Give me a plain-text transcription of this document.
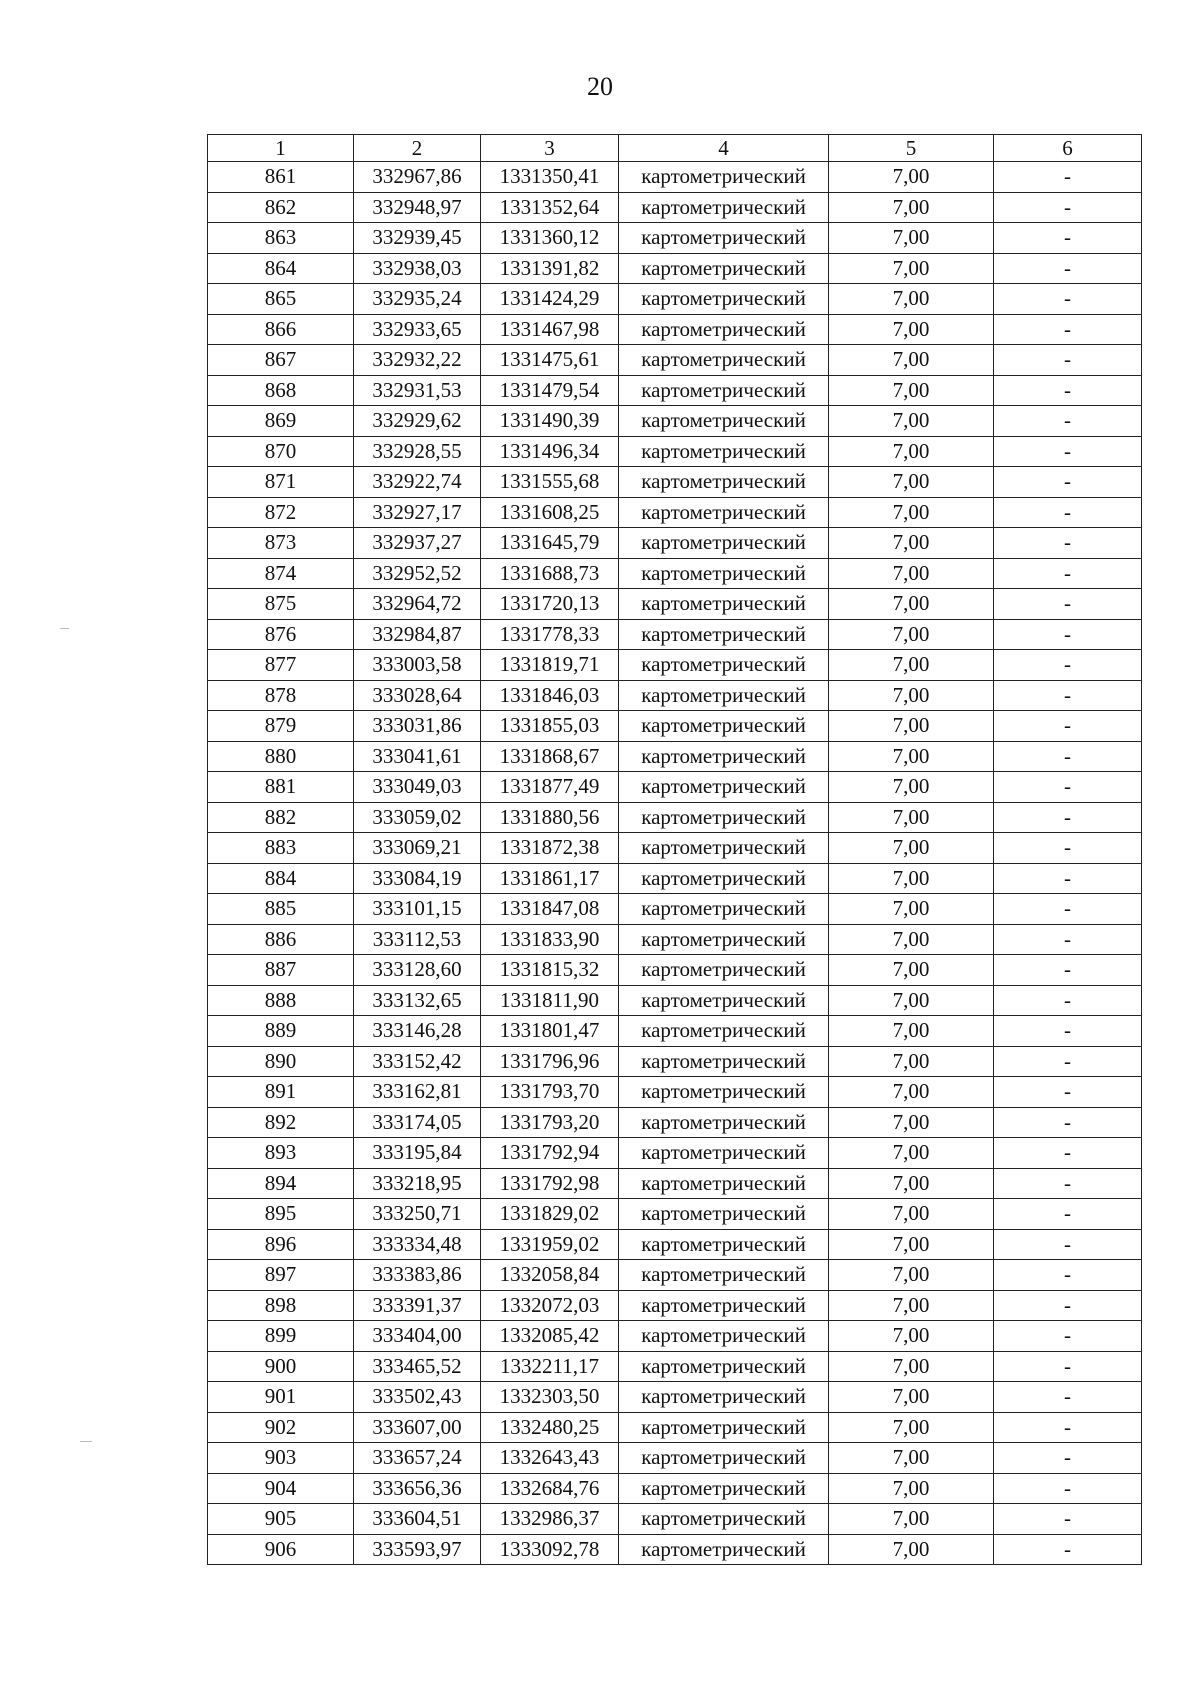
20
1	2	3	4	5	6
861	332967,86	1331350,41	картометрический	7,00	-
862	332948,97	1331352,64	картометрический	7,00	-
863	332939,45	1331360,12	картометрический	7,00	-
864	332938,03	1331391,82	картометрический	7,00	-
865	332935,24	1331424,29	картометрический	7,00	-
866	332933,65	1331467,98	картометрический	7,00	-
867	332932,22	1331475,61	картометрический	7,00	-
868	332931,53	1331479,54	картометрический	7,00	-
869	332929,62	1331490,39	картометрический	7,00	-
870	332928,55	1331496,34	картометрический	7,00	-
871	332922,74	1331555,68	картометрический	7,00	-
872	332927,17	1331608,25	картометрический	7,00	-
873	332937,27	1331645,79	картометрический	7,00	-
874	332952,52	1331688,73	картометрический	7,00	-
875	332964,72	1331720,13	картометрический	7,00	-
876	332984,87	1331778,33	картометрический	7,00	-
877	333003,58	1331819,71	картометрический	7,00	-
878	333028,64	1331846,03	картометрический	7,00	-
879	333031,86	1331855,03	картометрический	7,00	-
880	333041,61	1331868,67	картометрический	7,00	-
881	333049,03	1331877,49	картометрический	7,00	-
882	333059,02	1331880,56	картометрический	7,00	-
883	333069,21	1331872,38	картометрический	7,00	-
884	333084,19	1331861,17	картометрический	7,00	-
885	333101,15	1331847,08	картометрический	7,00	-
886	333112,53	1331833,90	картометрический	7,00	-
887	333128,60	1331815,32	картометрический	7,00	-
888	333132,65	1331811,90	картометрический	7,00	-
889	333146,28	1331801,47	картометрический	7,00	-
890	333152,42	1331796,96	картометрический	7,00	-
891	333162,81	1331793,70	картометрический	7,00	-
892	333174,05	1331793,20	картометрический	7,00	-
893	333195,84	1331792,94	картометрический	7,00	-
894	333218,95	1331792,98	картометрический	7,00	-
895	333250,71	1331829,02	картометрический	7,00	-
896	333334,48	1331959,02	картометрический	7,00	-
897	333383,86	1332058,84	картометрический	7,00	-
898	333391,37	1332072,03	картометрический	7,00	-
899	333404,00	1332085,42	картометрический	7,00	-
900	333465,52	1332211,17	картометрический	7,00	-
901	333502,43	1332303,50	картометрический	7,00	-
902	333607,00	1332480,25	картометрический	7,00	-
903	333657,24	1332643,43	картометрический	7,00	-
904	333656,36	1332684,76	картометрический	7,00	-
905	333604,51	1332986,37	картометрический	7,00	-
906	333593,97	1333092,78	картометрический	7,00	-
